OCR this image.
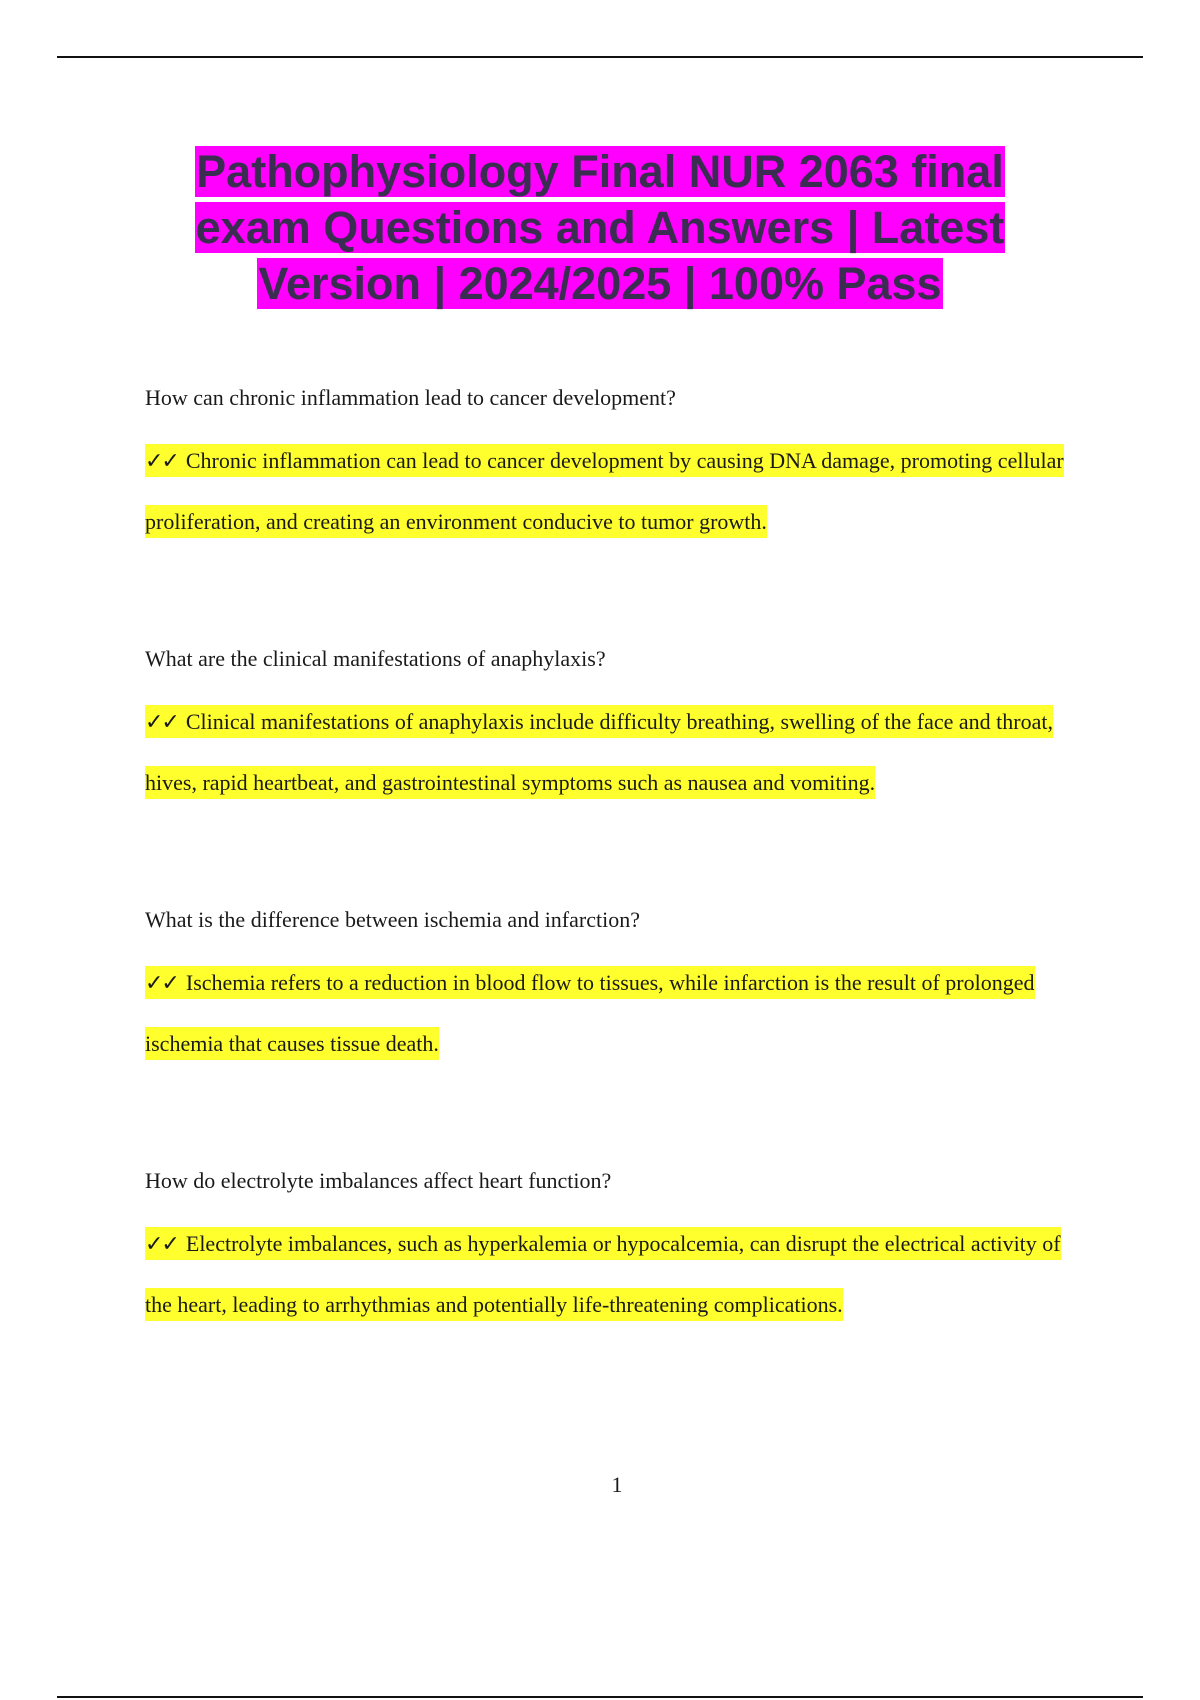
Pathophysiology Final NUR 2063 final
exam Questions and Answers | Latest
Version | 2024/2025 | 100% Pass

How can chronic inflammation lead to cancer development?

✓✓ Chronic inflammation can lead to cancer development by causing DNA damage, promoting cellular proliferation, and creating an environment conducive to tumor growth.

What are the clinical manifestations of anaphylaxis?

✓✓ Clinical manifestations of anaphylaxis include difficulty breathing, swelling of the face and throat, hives, rapid heartbeat, and gastrointestinal symptoms such as nausea and vomiting.

What is the difference between ischemia and infarction?

✓✓ Ischemia refers to a reduction in blood flow to tissues, while infarction is the result of prolonged ischemia that causes tissue death.

How do electrolyte imbalances affect heart function?

✓✓ Electrolyte imbalances, such as hyperkalemia or hypocalcemia, can disrupt the electrical activity of the heart, leading to arrhythmias and potentially life-threatening complications.

1
